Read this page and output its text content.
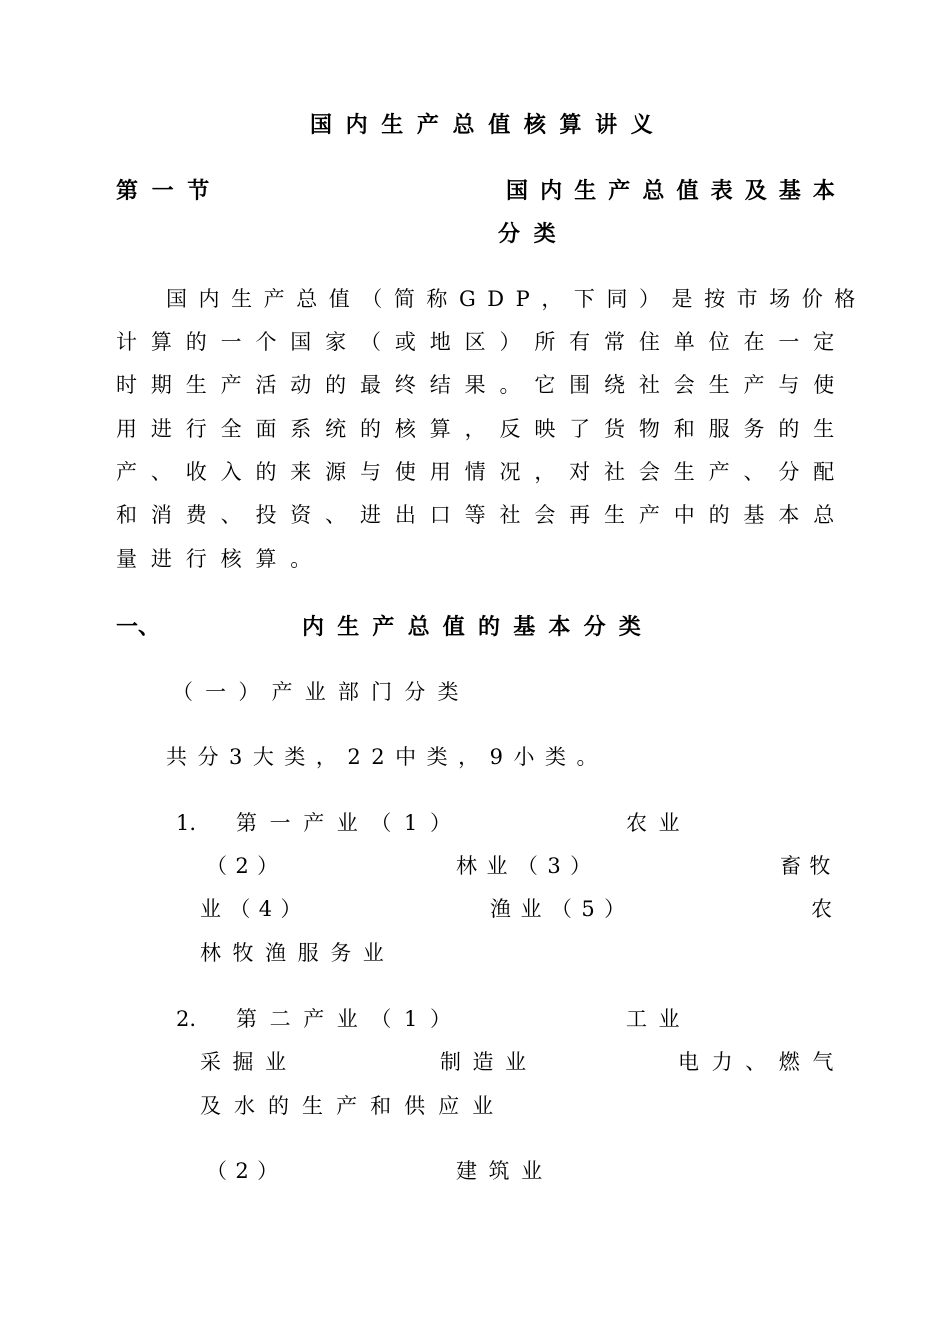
国内生产总值核算讲义
第一节	国内生产总值表及基本
分类
国内生产总值（简称GDP，下同）是按市场价格
计算的一个国家（或地区）所有常住单位在一定
时期生产活动的最终结果。它围绕社会生产与使
用进行全面系统的核算，反映了货物和服务的生
产、收入的来源与使用情况，对社会生产、分配
和消费、投资、进出口等社会再生产中的基本总
量进行核算。
一、	内生产总值的基本分类
（一）产业部门分类
共分3大类，22中类，9小类。
1. 第一产业（1）	农业
（2）	林业（3）	畜牧
业（4）	渔业（5）	农
林牧渔服务业
2. 第二产业（1）	工业
采掘业	制造业	电力、燃气
及水的生产和供应业
（2）	建筑业
